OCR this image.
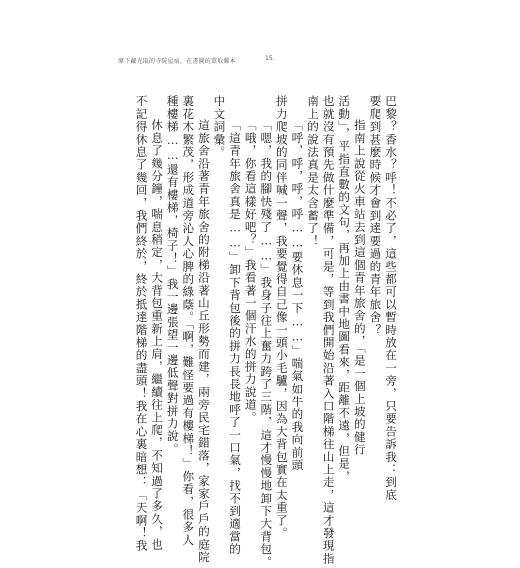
原下藏光取的寺院屋宿，在書圖的單取郵本	15.
巴黎？香水？呼！不必了，這些都可以暫時放在一旁，只要告訴我：到底
要爬到甚麼時候才會到達要過的青年旅舍？
指南上說從火車站去到這個青年旅舍的，「是一個上坡的健行
活動」，平指直數的文句，再加上由書中地圖看來，距離不遠，但是，
也就沒有預先做什麼準備，可是，等到我們開始沿著入口階梯往山上走，這才發現指
南上的說法真是太含蓄了！
「呼，呼，呼，呼……要休息一下……」喘氣如牛的我向前頭
拼力爬坡的同伴喊一聲，我要覺得自己像一頭小毛驢，因為大背包實在太重了。
「嗯，我的腳快殘了……」我身子往上奮力跨了三階，這才慢慢地卸下大背包。
「哦，你看這樣好吧？」我看著一個汗水的拼力說道。
「這青年旅舍真是……」卸下背包後的拼力長長地呼了一口氣，找不到適當的
中文詞彙。
這旅舍沿著青年旅舍的附梯沿著山丘形勢而建，兩旁民宅錯落，家家戶戶的庭院
裏花木繁茂，形成道旁沁人心脾的綠蔭。「啊，難怪要過有樓梯！」你看，很多人
種樓梯……還有樓梯，椅子！」我一邊張望一邊低聲對拼力說。
休息了幾分鐘，喘息稍定，大背包重新上肩，繼續往上爬，不知過了多久，也
不記得休息了幾回，我們終於，終於抵達階梯的盡頭！我在心裏暗想：「天啊！我
